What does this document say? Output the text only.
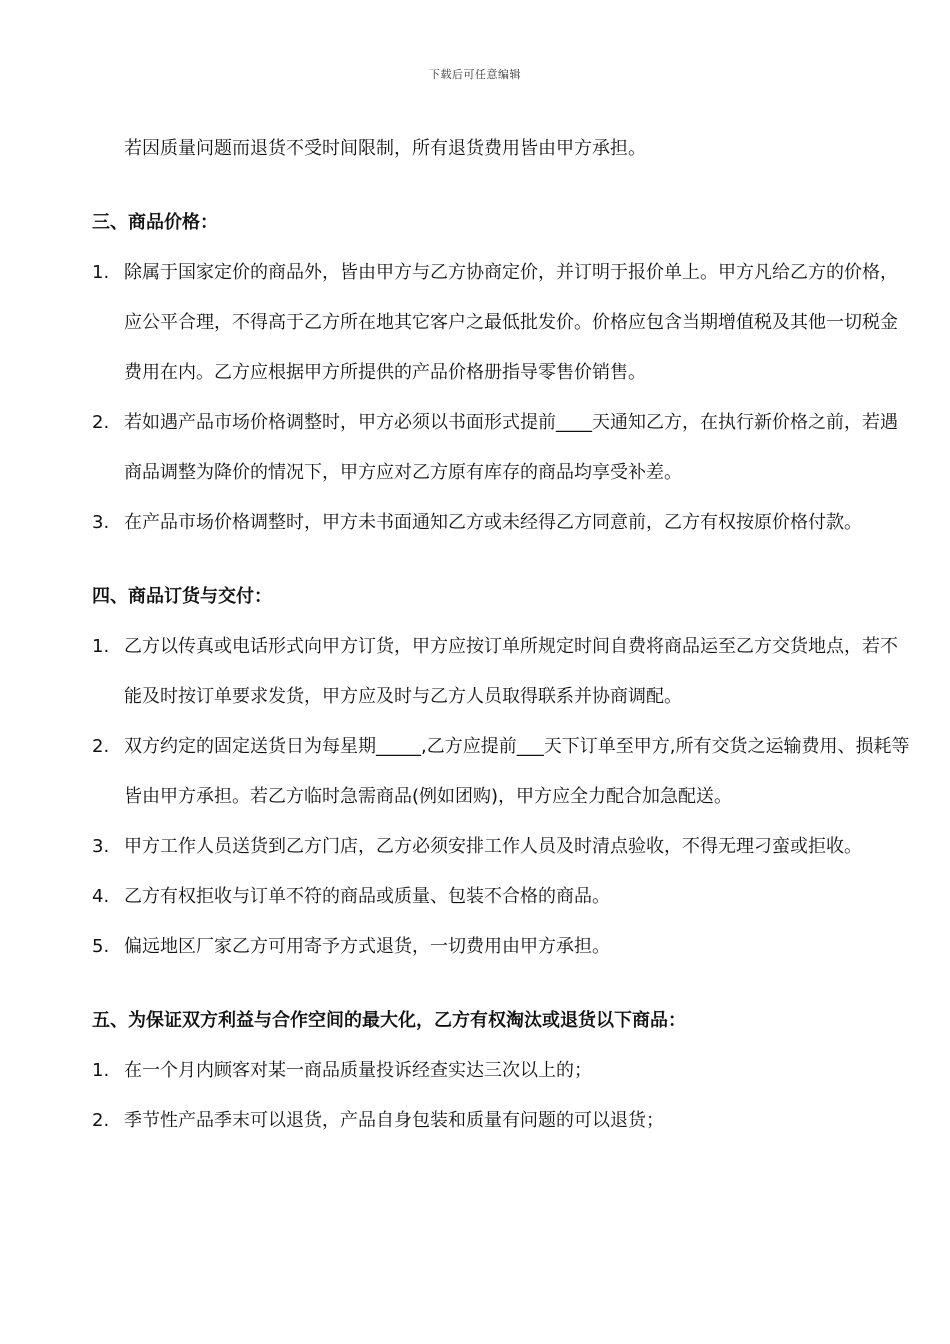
下载后可任意编辑

若因质量问题而退货不受时间限制，所有退货费用皆由甲方承担。

三、商品价格：
1. 除属于国家定价的商品外，皆由甲方与乙方协商定价，并订明于报价单上。甲方凡给乙方的价格，应公平合理，不得高于乙方所在地其它客户之最低批发价。价格应包含当期增值税及其他一切税金费用在内。乙方应根据甲方所提供的产品价格册指导零售价销售。
2. 若如遇产品市场价格调整时，甲方必须以书面形式提前____天通知乙方，在执行新价格之前，若遇商品调整为降价的情况下，甲方应对乙方原有库存的商品均享受补差。
3. 在产品市场价格调整时，甲方未书面通知乙方或未经得乙方同意前，乙方有权按原价格付款。
四、商品订货与交付：
1. 乙方以传真或电话形式向甲方订货，甲方应按订单所规定时间自费将商品运至乙方交货地点，若不能及时按订单要求发货，甲方应及时与乙方人员取得联系并协商调配。
2. 双方约定的固定送货日为每星期_____,乙方应提前___天下订单至甲方,所有交货之运输费用、损耗等皆由甲方承担。若乙方临时急需商品(例如团购)，甲方应全力配合加急配送。
3. 甲方工作人员送货到乙方门店，乙方必须安排工作人员及时清点验收，不得无理刁蛮或拒收。
4. 乙方有权拒收与订单不符的商品或质量、包装不合格的商品。
5. 偏远地区厂家乙方可用寄予方式退货，一切费用由甲方承担。
五、为保证双方利益与合作空间的最大化，乙方有权淘汰或退货以下商品：
1. 在一个月内顾客对某一商品质量投诉经查实达三次以上的；
2. 季节性产品季末可以退货，产品自身包装和质量有问题的可以退货；
